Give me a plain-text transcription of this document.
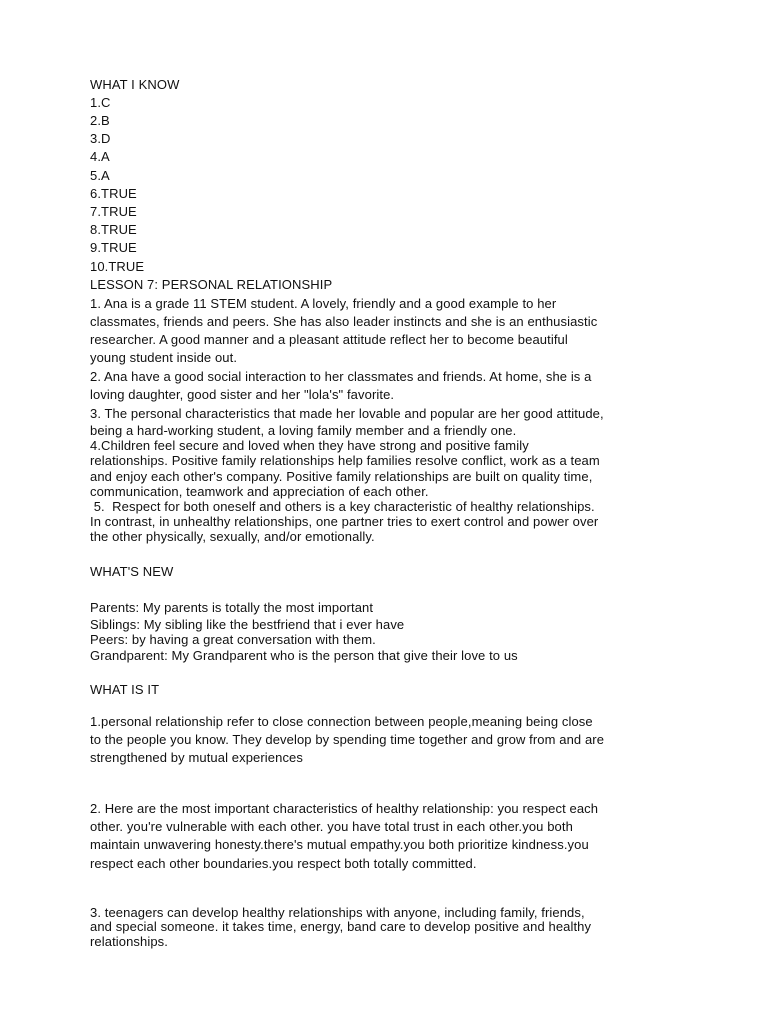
WHAT I KNOW
1.C
2.B
3.D
4.A
5.A
6.TRUE
7.TRUE
8.TRUE
9.TRUE
10.TRUE
LESSON 7: PERSONAL RELATIONSHIP
1. Ana is a grade 11 STEM student. A lovely, friendly and a good example to her
classmates, friends and peers. She has also leader instincts and she is an enthusiastic
researcher. A good manner and a pleasant attitude reflect her to become beautiful
young student inside out.
2. Ana have a good social interaction to her classmates and friends. At home, she is a
loving daughter, good sister and her "lola's" favorite.
3. The personal characteristics that made her lovable and popular are her good attitude,
being a hard-working student, a loving family member and a friendly one.
4.Children feel secure and loved when they have strong and positive family
relationships. Positive family relationships help families resolve conflict, work as a team
and enjoy each other's company. Positive family relationships are built on quality time,
communication, teamwork and appreciation of each other.
5.  Respect for both oneself and others is a key characteristic of healthy relationships.
In contrast, in unhealthy relationships, one partner tries to exert control and power over
the other physically, sexually, and/or emotionally.
WHAT'S NEW
Parents: My parents is totally the most important
Siblings: My sibling like the bestfriend that i ever have
Peers: by having a great conversation with them.
Grandparent: My Grandparent who is the person that give their love to us
WHAT IS IT
1.personal relationship refer to close connection between people,meaning being close
to the people you know. They develop by spending time together and grow from and are
strengthened by mutual experiences
2. Here are the most important characteristics of healthy relationship: you respect each
other. you're vulnerable with each other. you have total trust in each other.you both
maintain unwavering honesty.there's mutual empathy.you both prioritize kindness.you
respect each other boundaries.you respect both totally committed.
3. teenagers can develop healthy relationships with anyone, including family, friends,
and special someone. it takes time, energy, band care to develop positive and healthy
relationships.
